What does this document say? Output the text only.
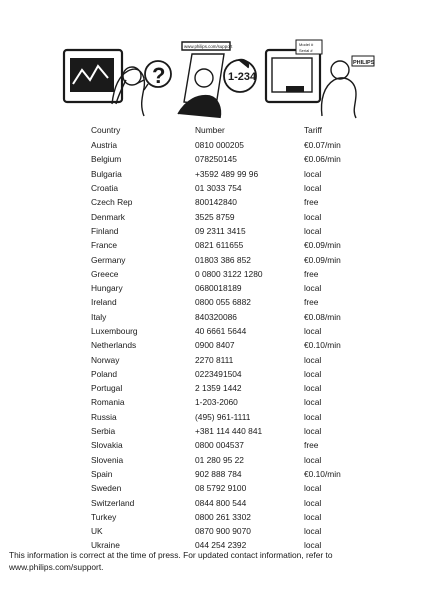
?
www.philips.com/support
1-234
Model #
Serial #
PHILIPS
Country	Number	Tariff
Austria	0810 000205	€0.07/min
Belgium	078250145	€0.06/min
Bulgaria	+3592 489 99 96	local
Croatia	01 3033 754	local
Czech Rep	800142840	free
Denmark	3525 8759	local
Finland	09 2311 3415	local
France	0821 611655	€0.09/min
Germany	01803 386 852	€0.09/min
Greece	0 0800 3122 1280	free
Hungary	0680018189	local
Ireland	0800 055 6882	free
Italy	840320086	€0.08/min
Luxembourg	40 6661 5644	local
Netherlands	0900 8407	€0.10/min
Norway	2270 8111	local
Poland	0223491504	local
Portugal	2 1359 1442	local
Romania	1-203-2060	local
Russia	(495) 961-1111	local
Serbia	+381 114 440 841	local
Slovakia	0800 004537	free
Slovenia	01 280 95 22	local
Spain	902 888 784	€0.10/min
Sweden	08 5792 9100	local
Switzerland	0844 800 544	local
Turkey	0800 261 3302	local
UK	0870 900 9070	local
Ukraine	044 254 2392	local
This information is correct at the time of press. For updated contact information, refer to
www.philips.com/support.
